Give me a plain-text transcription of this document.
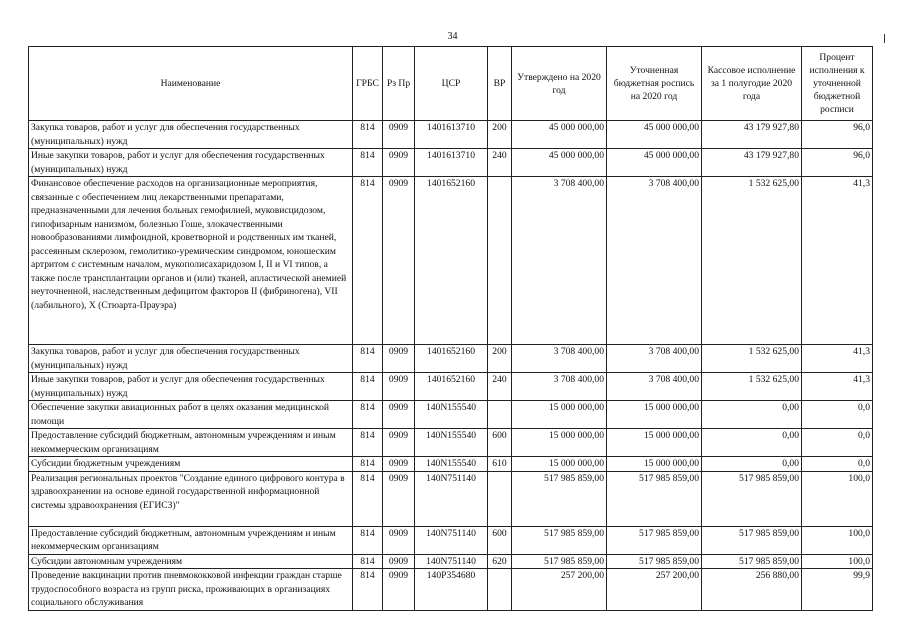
34
Наименование	ГРБС	Рз Пр	ЦСР	ВР	Утверждено на 2020 год	Уточненная бюджетная роспись на 2020 год	Кассовое исполнение за 1 полугодие 2020 года	Процент исполнения к уточненной бюджетной росписи
Закупка товаров, работ и услуг для обеспечения государственных (муниципальных) нужд	814	0909	1401613710	200	45 000 000,00	45 000 000,00	43 179 927,80	96,0
Иные закупки товаров, работ и услуг для обеспечения государственных (муниципальных) нужд	814	0909	1401613710	240	45 000 000,00	45 000 000,00	43 179 927,80	96,0
Финансовое обеспечение расходов на организационные мероприятия, связанные с обеспечением лиц лекарственными препаратами, предназначенными для лечения больных гемофилией, муковисцидозом, гипофизарным нанизмом, болезнью Гоше, злокачественными новообразованиями лимфоидной, кроветворной и родственных им тканей, рассеянным склерозом, гемолитико-уремическим синдромом, юношеским артритом с системным началом, мукополисахаридозом I, II и VI типов, а также после трансплантации органов и (или) тканей, апластической анемией неуточненной, наследственным дефицитом факторов II (фибриногена), VII (лабильного), X (Стюарта-Прауэра)	814	0909	1401652160		3 708 400,00	3 708 400,00	1 532 625,00	41,3
Закупка товаров, работ и услуг для обеспечения государственных (муниципальных) нужд	814	0909	1401652160	200	3 708 400,00	3 708 400,00	1 532 625,00	41,3
Иные закупки товаров, работ и услуг для обеспечения государственных (муниципальных) нужд	814	0909	1401652160	240	3 708 400,00	3 708 400,00	1 532 625,00	41,3
Обеспечение закупки авиационных работ в целях оказания медицинской помощи	814	0909	140N155540		15 000 000,00	15 000 000,00	0,00	0,0
Предоставление субсидий бюджетным, автономным учреждениям и иным некоммерческим организациям	814	0909	140N155540	600	15 000 000,00	15 000 000,00	0,00	0,0
Субсидии бюджетным учреждениям	814	0909	140N155540	610	15 000 000,00	15 000 000,00	0,00	0,0
Реализация региональных проектов "Создание единого цифрового контура в здравоохранении на основе единой государственной информационной системы здравоохранения (ЕГИСЗ)"	814	0909	140N751140		517 985 859,00	517 985 859,00	517 985 859,00	100,0
Предоставление субсидий бюджетным, автономным учреждениям и иным некоммерческим организациям	814	0909	140N751140	600	517 985 859,00	517 985 859,00	517 985 859,00	100,0
Субсидии автономным учреждениям	814	0909	140N751140	620	517 985 859,00	517 985 859,00	517 985 859,00	100,0
Проведение вакцинации против пневмококковой инфекции граждан старше трудоспособного возраста из групп риска, проживающих в организациях социального обслуживания	814	0909	140P354680		257 200,00	257 200,00	256 880,00	99,9
